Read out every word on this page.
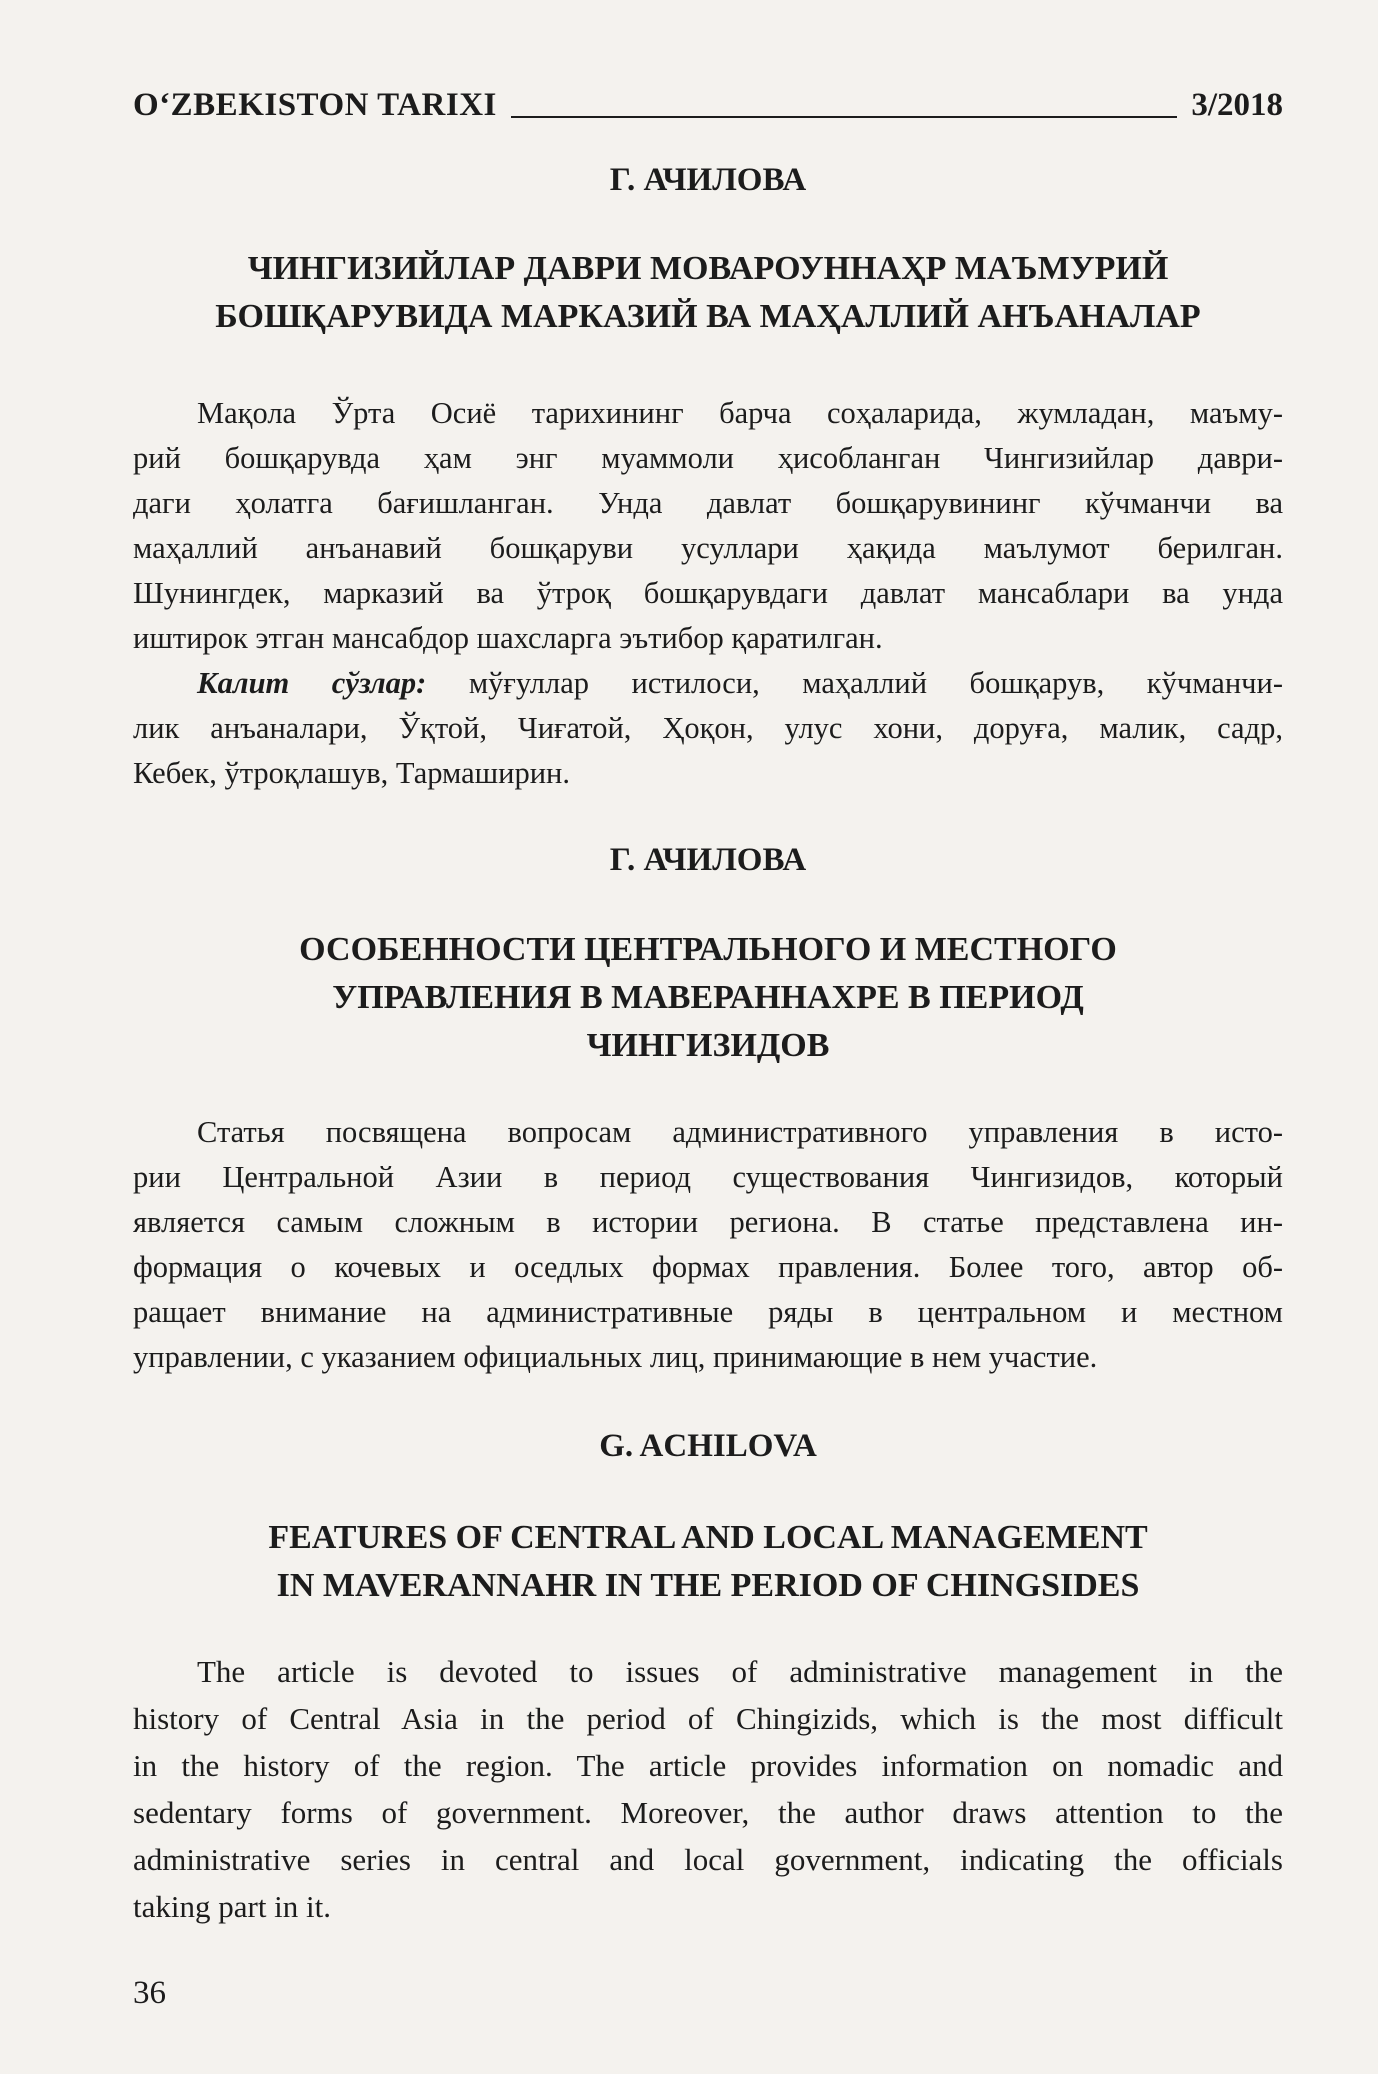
O‘ZBEKISTON TARIXI	3/2018
Г. АЧИЛОВА
ЧИНГИЗИЙЛАР ДАВРИ МОВАРОУННАҲР МАЪМУРИЙ
БОШҚАРУВИДА МАРКАЗИЙ ВА МАҲАЛЛИЙ АНЪАНАЛАР
Мақола Ўрта Осиё тарихининг барча соҳаларида, жумладан, маъму-
рий бошқарувда ҳам энг муаммоли ҳисобланган Чингизийлар даври-
даги ҳолатга бағишланган. Унда давлат бошқарувининг кўчманчи ва
маҳаллий анъанавий бошқаруви усуллари ҳақида маълумот берилган.
Шунингдек, марказий ва ўтроқ бошқарувдаги давлат мансаблари ва унда
иштирок этган мансабдор шахсларга эътибор қаратилган.
Калит сўзлар: мўғуллар истилоси, маҳаллий бошқарув, кўчманчи-
лик анъаналари, Ўқтой, Чиғатой, Ҳоқон, улус хони, доруға, малик, садр,
Кебек, ўтроқлашув, Тармаширин.
Г. АЧИЛОВА
ОСОБЕННОСТИ ЦЕНТРАЛЬНОГО И МЕСТНОГО
УПРАВЛЕНИЯ В МАВЕРАННАХРЕ В ПЕРИОД
ЧИНГИЗИДОВ
Статья посвящена вопросам административного управления в исто-
рии Центральной Азии в период существования Чингизидов, который
является самым сложным в истории региона. В статье представлена ин-
формация о кочевых и оседлых формах правления. Более того, автор об-
ращает внимание на административные ряды в центральном и местном
управлении, с указанием официальных лиц, принимающие в нем участие.
G. ACHILOVA
FEATURES OF CENTRAL AND LOCAL MANAGEMENT
IN MAVERANNAHR IN THE PERIOD OF CHINGSIDES
The article is devoted to issues of administrative management in the
history of Central Asia in the period of Chingizids, which is the most difficult
in the history of the region. The article provides information on nomadic and
sedentary forms of government. Moreover, the author draws attention to the
administrative series in central and local government, indicating the officials
taking part in it.
36
